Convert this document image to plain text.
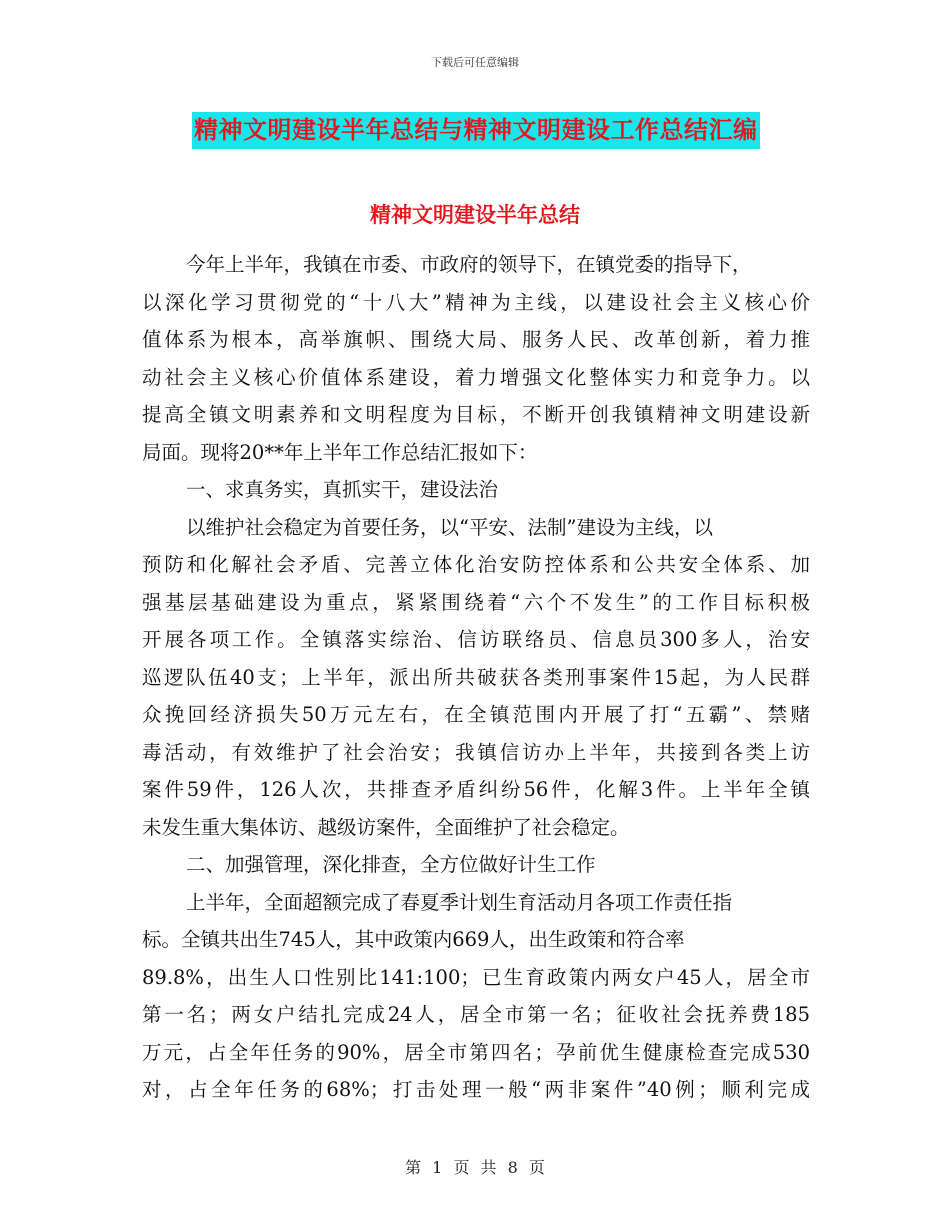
下载后可任意编辑
精神文明建设半年总结与精神文明建设工作总结汇编
精神文明建设半年总结
今年上半年，我镇在市委、市政府的领导下，在镇党委的指导下，
以深化学习贯彻党的“十八大”精神为主线，以建设社会主义核心价
值体系为根本，高举旗帜、围绕大局、服务人民、改革创新，着力推
动社会主义核心价值体系建设，着力增强文化整体实力和竞争力。以
提高全镇文明素养和文明程度为目标，不断开创我镇精神文明建设新
局面。现将20**年上半年工作总结汇报如下：
一、求真务实，真抓实干，建设法治
以维护社会稳定为首要任务，以“平安、法制”建设为主线，以
预防和化解社会矛盾、完善立体化治安防控体系和公共安全体系、加
强基层基础建设为重点，紧紧围绕着“六个不发生”的工作目标积极
开展各项工作。全镇落实综治、信访联络员、信息员300多人，治安
巡逻队伍40支；上半年，派出所共破获各类刑事案件15起，为人民群
众挽回经济损失50万元左右，在全镇范围内开展了打“五霸”、禁赌
毒活动，有效维护了社会治安；我镇信访办上半年，共接到各类上访
案件59件，126人次，共排查矛盾纠纷56件，化解3件。上半年全镇
未发生重大集体访、越级访案件，全面维护了社会稳定。
二、加强管理，深化排查，全方位做好计生工作
上半年，全面超额完成了春夏季计划生育活动月各项工作责任指
标。全镇共出生745人，其中政策内669人，出生政策和符合率
89.8%，出生人口性别比141:100；已生育政策内两女户45人，居全市
第一名；两女户结扎完成24人，居全市第一名；征收社会抚养费185
万元，占全年任务的90%，居全市第四名；孕前优生健康检查完成530
对，占全年任务的68%；打击处理一般“两非案件”40例；顺利完成
第 1 页 共 8 页
